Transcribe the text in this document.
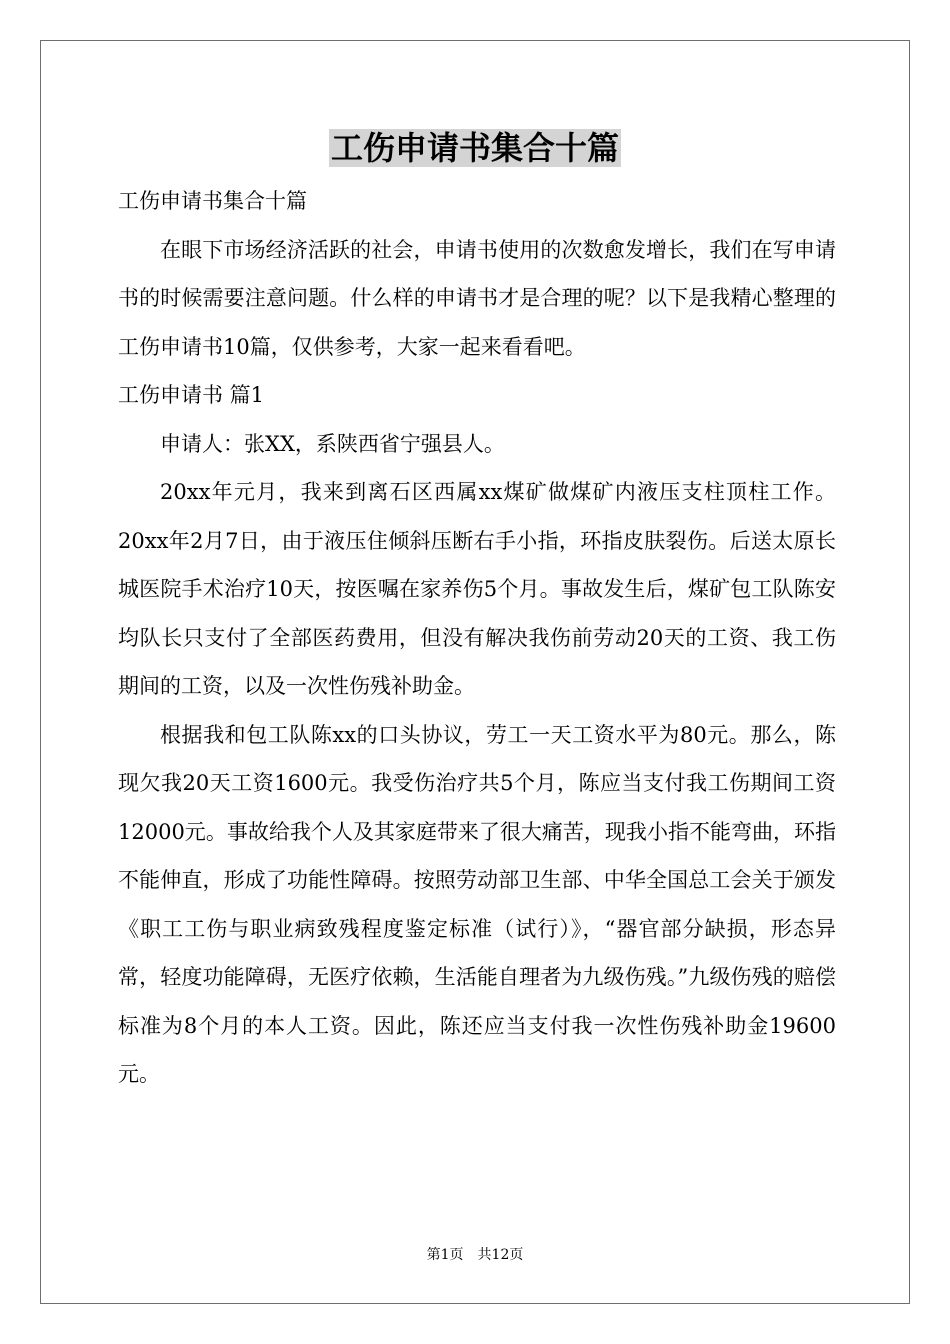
工伤申请书集合十篇

工伤申请书集合十篇

在眼下市场经济活跃的社会，申请书使用的次数愈发增长，我们在写申请书的时候需要注意问题。什么样的申请书才是合理的呢？以下是我精心整理的工伤申请书10篇，仅供参考，大家一起来看看吧。

工伤申请书 篇1

申请人：张XX，系陕西省宁强县人。

20xx年元月，我来到离石区西属xx煤矿做煤矿内液压支柱顶柱工作。20xx年2月7日，由于液压住倾斜压断右手小指，环指皮肤裂伤。后送太原长城医院手术治疗10天，按医嘱在家养伤5个月。事故发生后，煤矿包工队陈安均队长只支付了全部医药费用，但没有解决我伤前劳动20天的工资、我工伤期间的工资，以及一次性伤残补助金。

根据我和包工队陈xx的口头协议，劳工一天工资水平为80元。那么，陈现欠我20天工资1600元。我受伤治疗共5个月，陈应当支付我工伤期间工资12000元。事故给我个人及其家庭带来了很大痛苦，现我小指不能弯曲，环指不能伸直，形成了功能性障碍。按照劳动部卫生部、中华全国总工会关于颁发《职工工伤与职业病致残程度鉴定标准（试行）》，“器官部分缺损，形态异常，轻度功能障碍，无医疗依赖，生活能自理者为九级伤残。”九级伤残的赔偿标准为8个月的本人工资。因此，陈还应当支付我一次性伤残补助金19600元。

第1页 共12页
